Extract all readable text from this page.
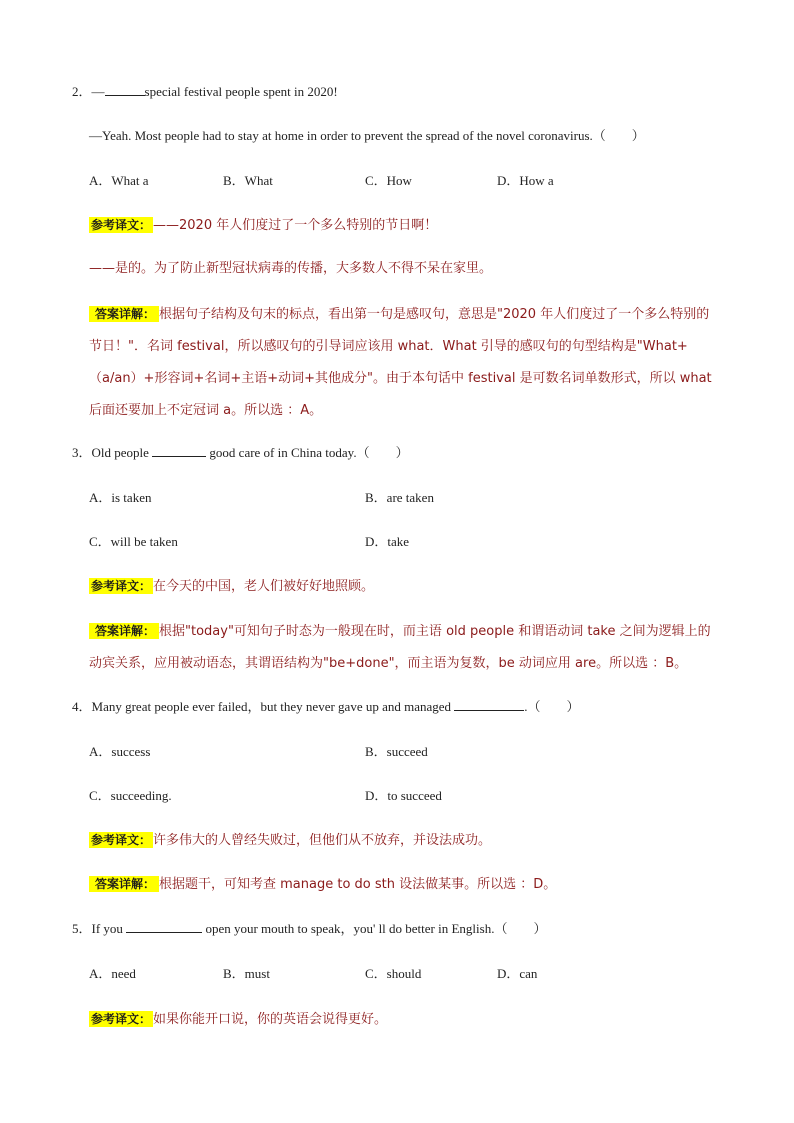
2．—	special festival people spent in 2020!
—Yeah. Most people had to stay at home in order to prevent the spread of the novel coronavirus.（　　）
A．What a	B．What	C．How	D．How a
参考译文： ——2020 年人们度过了一个多么特别的节日啊！
——是的。为了防止新型冠状病毒的传播，大多数人不得不呆在家里。
答案详解： 根据句子结构及句末的标点，看出第一句是感叹句，意思是"2020 年人们度过了一个多么特别的节日！"．名词 festival，所以感叹句的引导词应该用 what．What 引导的感叹句的句型结构是"What+（a/an）+形容词+名词+主语+动词+其他成分"。由于本句话中 festival 是可数名词单数形式，所以 what 后面还要加上不定冠词 a。所以选 ：A。
3．Old people	good care of in China today.（　　）
A．is taken	B．are taken
C．will be taken	D．take
参考译文： 在今天的中国，老人们被好好地照顾。
答案详解： 根据"today"可知句子时态为一般现在时，而主语 old people 和谓语动词 take 之间为逻辑上的动宾关系，应用被动语态，其谓语结构为"be+done"，而主语为复数，be 动词应用 are。所以选 ：B。
4．Many great people ever failed，but they never gave up and managed	.（　　）
A．success	B．succeed
C．succeeding.	D．to succeed
参考译文： 许多伟大的人曾经失败过，但他们从不放弃，并设法成功。
答案详解： 根据题干，可知考查 manage to do sth 设法做某事。所以选 ：D。
5．If you	open your mouth to speak，you' ll do better in English.（　　）
A．need	B．must	C．should	D．can
参考译文： 如果你能开口说，你的英语会说得更好。
